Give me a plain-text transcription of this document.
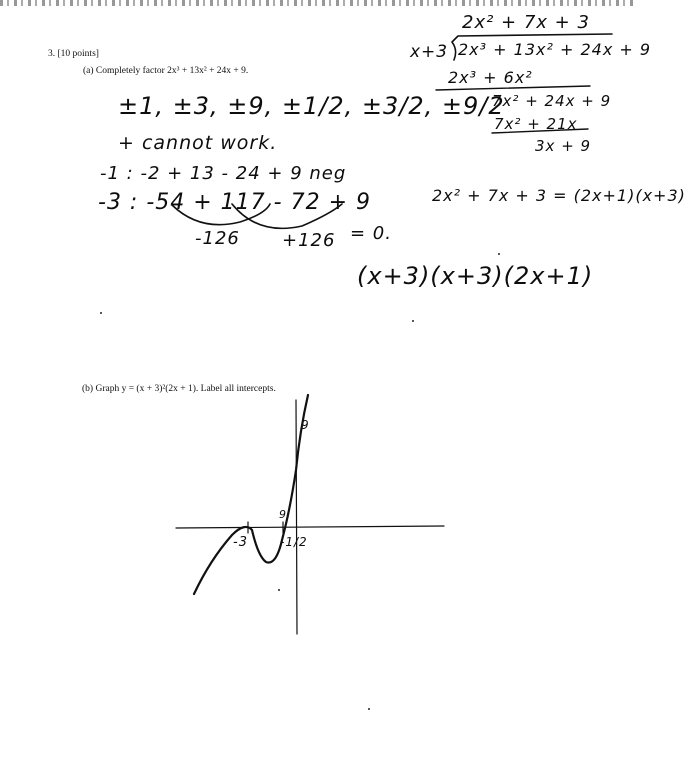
3. [10 points]
(a) Completely factor 2x³ + 13x² + 24x + 9.
(b) Graph y = (x + 3)²(2x + 1). Label all intercepts.
±1, ±3, ±9, ±1/2, ±3/2, ±9/2
+ cannot work.
-1 : -2 + 13 - 24 + 9 neg
-3 : -54 + 117 - 72 + 9
-126 +126 = 0.
2x² + 7x + 3
x+3 2x³ + 13x² + 24x + 9
2x³ + 6x²
7x² + 24x + 9
7x² + 21x
3x + 9
2x² + 7x + 3 = (2x+1)(x+3)
(x+3)(x+3)(2x+1)
-3	-1/2
9
9
